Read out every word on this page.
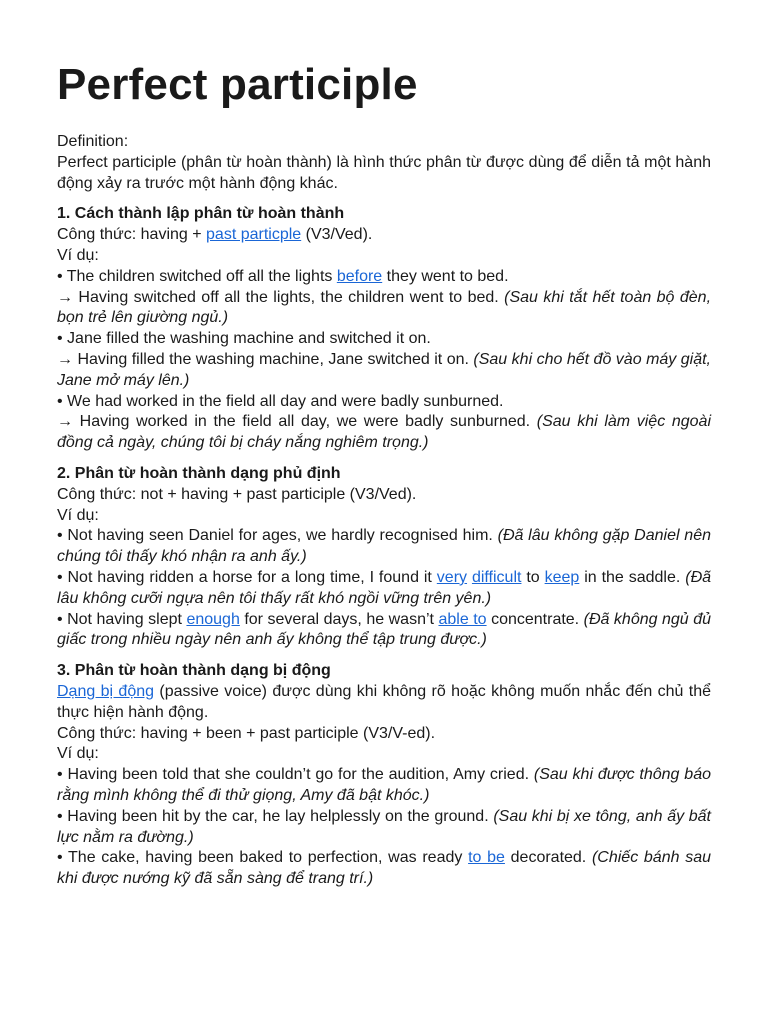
Perfect participle

Definition:

Perfect participle (phân từ hoàn thành) là hình thức phân từ được dùng để diễn tả một hành động xảy ra trước một hành động khác.

1. Cách thành lập phân từ hoàn thành

Công thức: having + past particple (V3/Ved).

Ví dụ:

• The children switched off all the lights before they went to bed.

→ Having switched off all the lights, the children went to bed. (Sau khi tắt hết toàn bộ đèn, bọn trẻ lên giường ngủ.)

• Jane filled the washing machine and switched it on.

→ Having filled the washing machine, Jane switched it on. (Sau khi cho hết đồ vào máy giặt, Jane mở máy lên.)

• We had worked in the field all day and were badly sunburned.

→ Having worked in the field all day, we were badly sunburned. (Sau khi làm việc ngoài đồng cả ngày, chúng tôi bị cháy nắng nghiêm trọng.)

2. Phân từ hoàn thành dạng phủ định

Công thức: not + having + past participle (V3/Ved).

Ví dụ:

• Not having seen Daniel for ages, we hardly recognised him. (Đã lâu không gặp Daniel nên chúng tôi thấy khó nhận ra anh ấy.)

• Not having ridden a horse for a long time, I found it very difficult to keep in the saddle. (Đã lâu không cưỡi ngựa nên tôi thấy rất khó ngồi vững trên yên.)

• Not having slept enough for several days, he wasn’t able to concentrate. (Đã không ngủ đủ giấc trong nhiều ngày nên anh ấy không thể tập trung được.)

3. Phân từ hoàn thành dạng bị động

Dạng bị động (passive voice) được dùng khi không rõ hoặc không muốn nhắc đến chủ thể thực hiện hành động.

Công thức: having + been + past participle (V3/V-ed).

Ví dụ:

• Having been told that she couldn’t go for the audition, Amy cried. (Sau khi được thông báo rằng mình không thể đi thử giọng, Amy đã bật khóc.)

• Having been hit by the car, he lay helplessly on the ground. (Sau khi bị xe tông, anh ấy bất lực nằm ra đường.)

• The cake, having been baked to perfection, was ready to be decorated. (Chiếc bánh sau khi được nướng kỹ đã sẵn sàng để trang trí.)
